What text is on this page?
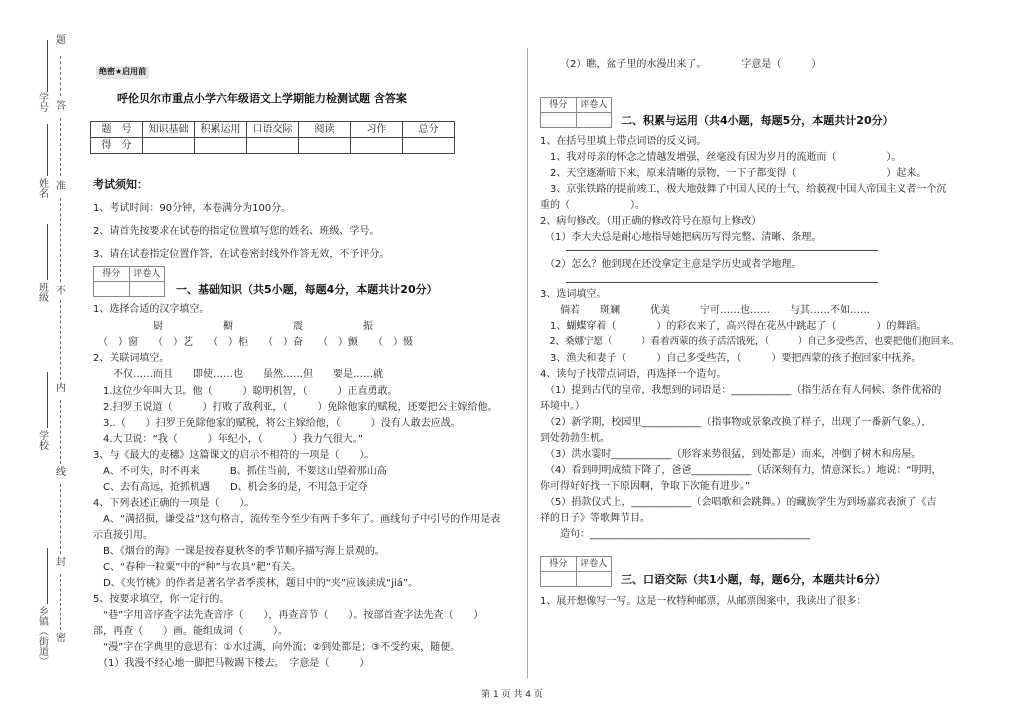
题
学号 答
姓名 准
班级 不
内
学校
线
封
乡镇（街道） 密
绝密★启用前
呼伦贝尔市重点小学六年级语文上学期能力检测试题 含答案
题　号	知识基础	积累运用	口语交际	阅读	习作	总分
得　分						
考试须知：
1、考试时间：90分钟，本卷满分为100分。
2、请首先按要求在试卷的指定位置填写您的姓名、班级、学号。
3、请在试卷指定位置作答，在试卷密封线外作答无效，不予评分。
得分	评卷人
一、基础知识（共5小题，每题4分，本题共计20分）
1、选择合适的汉字填空。
　　　　　　厨　　　　　　橱　　　　　　震　　　　　　振
　（　）窗　　（　）艺　　（　）柜　　（　）奋　　（　）颤　　（　）慑
2、关联词填空。
　　不仅……而且　　即使……也　　虽然……但　　要是……就
　1.这位少年叫大卫。他（　　　）聪明机智，（　　　）正直勇敢。
　2.扫罗王说道（　　　）打败了敌利亚，（　　　）免除他家的赋税，还要把公主嫁给他。
　3..（　　）扫罗王免除他家的赋税，将公主嫁给他，（　　　）没有人敢去应战。
　4.大卫说：“我（　　　）年纪小，（　　　）我力气很大。”
3、与《最大的麦穗》这篇课文的启示不相符的一项是（　　）。
　A、不可失，时不再来　　　B、抓住当前，不要这山望着那山高
　C、去有高远，抢抓机遇　　D、机会多的是，不用急于定夺
4、下列表述正确的一项是（　　）。
　A、“满招损，谦受益”这句格言，流传至今至少有两千多年了。画线句子中引号的作用是表
示直接引用。
　B、《烟台的海》一课是按春夏秋冬的季节顺序描写海上景观的。
　C、“春种一粒粟”中的“种”与农具“耙”有关。
　D、《夹竹桃》的作者是著名学者季羡林，题目中的“夹”应该读成“jiá”。
5、按要求填空，你一定行的。
　“巷”字用音序查字法先查音序（　　），再查音节（　　）。按部首查字法先查（　　）
部，再查（　　）画。能组成词（　　　）。
　“漫”字在字典里的意思有：①水过满，向外流；②到处都是；③不受约束，随便。
　（1）我漫不经心地一脚把马鞍踢下楼去。　字意是（　　　）
（2）瞧，盆子里的水漫出来了。　　　　字意是（　　　）
得分	评卷人
二、积累与运用（共4小题，每题5分，本题共计20分）
1、在括号里填上带点词语的反义词。
　1、我对母亲的怀念之情越发增强，丝毫没有因为岁月的流逝而（　　　　　）。
　2、天空逐渐暗下来，原来清晰的景物，一下子都变得（　　　　　　　　　）起来。
　3、京张铁路的提前竣工，极大地鼓舞了中国人民的士气，给藐视中国人帝国主义者一个沉
重的（　　　　　　）。
2、病句修改。（用正确的修改符号在原句上修改）
　（1）李大夫总是耐心地指导她把病历写得完整、清晰、条理。
　（2）怎么？他到现在还没拿定主意是学历史或者学地理。
3、选词填空。
　　倘若　　斑斓　　　优美　　　宁可……也……　　与其……不如……
　1、蝴蝶穿着（　　　　）的彩衣来了，高兴得在花丛中跳起了（　　　　）的舞蹈。
　2、桑娜宁愿（　　　）看着西蒙的孩子活活饿死，（　　　）自己多受些苦，也要把他们抱回来。
　3、渔夫和妻子（　　　）自己多受些苦，（　　　）要把西蒙的孩子抱回家中抚养。
4、读句子找带点词语，再选择一个造句。
　（1）提到古代的皇帝，我想到的词语是：____________（指生活在有人伺候、条件优裕的
环境中。）
　（2）新学期，校园里____________（指事物或景象改换了样子，出现了一番新气象。），
到处勃勃生机。
　（3）洪水霎时____________（形容来势很猛，到处都是）而来，冲倒了树木和房屋。
　（4）看到明明成绩下降了，爸爸____________（话深刻有力，情意深长。）地说：“明明，
你可得好好找一下原因啊，争取下次能有进步。”
　（5）捐款仪式上，____________（会唱歌和会跳舞。）的藏族学生为到场嘉宾表演了《吉
祥的日子》等歌舞节目。
　　造句：____________________________________________
得分	评卷人
三、口语交际（共1小题，每，题6分，本题共计6分）
1、展开想像写一写。这是一枚特种邮票，从邮票图案中，我读出了很多：
第 1 页 共 4 页
